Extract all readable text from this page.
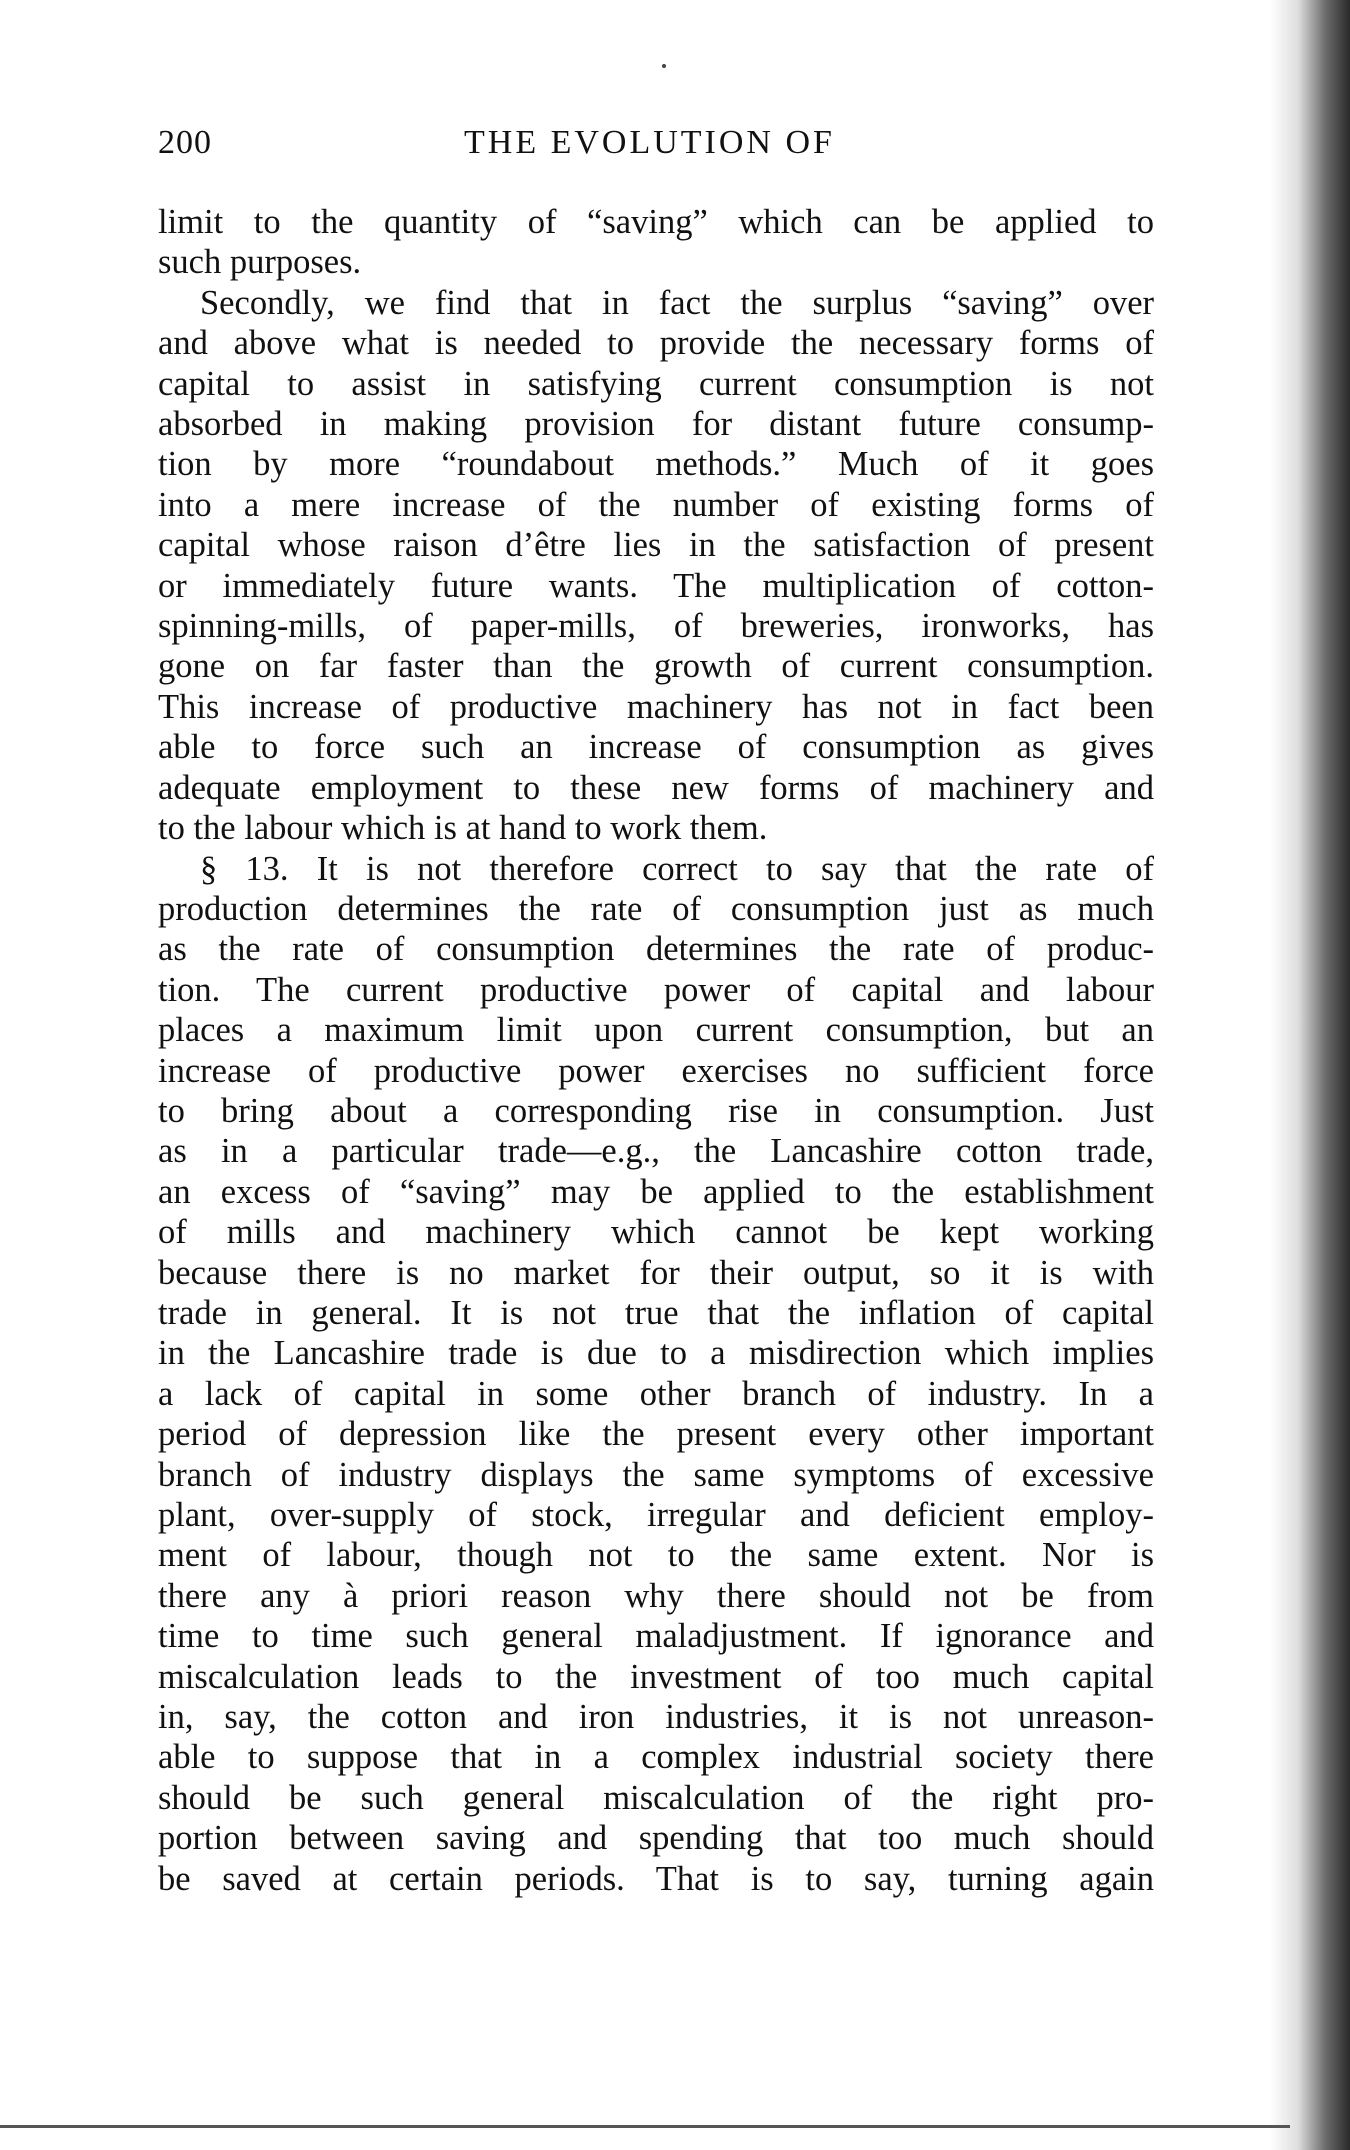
200	THE EVOLUTION OF

limit to the quantity of “saving” which can be applied to
such purposes.

Secondly, we find that in fact the surplus “saving” over
and above what is needed to provide the necessary forms of
capital to assist in satisfying current consumption is not
absorbed in making provision for distant future consump-
tion by more “roundabout methods.” Much of it goes
into a mere increase of the number of existing forms of
capital whose raison d’être lies in the satisfaction of present
or immediately future wants. The multiplication of cotton-
spinning-mills, of paper-mills, of breweries, ironworks, has
gone on far faster than the growth of current consumption.
This increase of productive machinery has not in fact been
able to force such an increase of consumption as gives
adequate employment to these new forms of machinery and
to the labour which is at hand to work them.

§ 13. It is not therefore correct to say that the rate of
production determines the rate of consumption just as much
as the rate of consumption determines the rate of produc-
tion. The current productive power of capital and labour
places a maximum limit upon current consumption, but an
increase of productive power exercises no sufficient force
to bring about a corresponding rise in consumption. Just
as in a particular trade—e.g., the Lancashire cotton trade,
an excess of “saving” may be applied to the establishment
of mills and machinery which cannot be kept working
because there is no market for their output, so it is with
trade in general. It is not true that the inflation of capital
in the Lancashire trade is due to a misdirection which implies
a lack of capital in some other branch of industry. In a
period of depression like the present every other important
branch of industry displays the same symptoms of excessive
plant, over-supply of stock, irregular and deficient employ-
ment of labour, though not to the same extent. Nor is
there any à priori reason why there should not be from
time to time such general maladjustment. If ignorance and
miscalculation leads to the investment of too much capital
in, say, the cotton and iron industries, it is not unreason-
able to suppose that in a complex industrial society there
should be such general miscalculation of the right pro-
portion between saving and spending that too much should
be saved at certain periods. That is to say, turning again
